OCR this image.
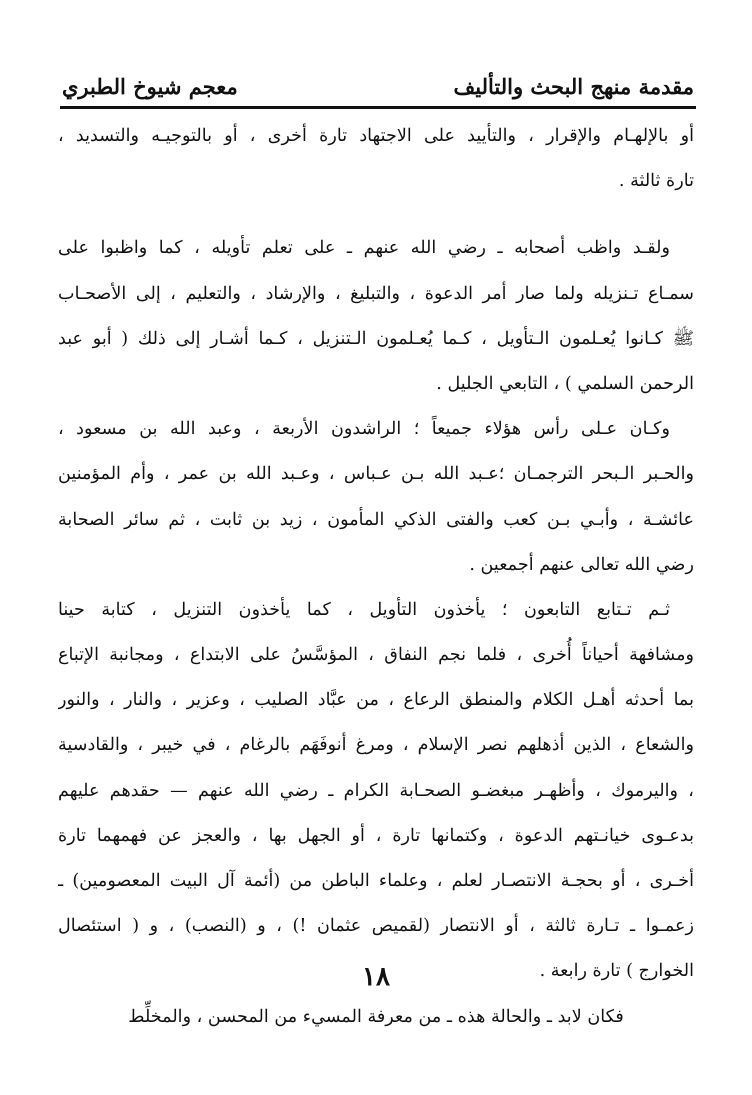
مقدمة منهج البحث والتأليف
معجم شيوخ الطبري
أو بالإلهـام والإقرار ، والتأييد على الاجتهاد تارة أخرى ، أو بالتوجيـه والتسديد ،
تارة ثالثة .
ولقـد واظب أصحابه ـ رضي الله عنهم ـ على تعلم تأويله ، كما واظبوا على
سمـاع تـنزيله ولما صار أمر الدعوة ، والتبليغ ، والإرشاد ، والتعليم ، إلى الأصحـاب
ﷺ كـانوا يُعـلمون الـتأويل ، كـما يُعـلمون الـتنزيل ، كـما أشـار إلى ذلك ( أبو عبد
الرحمن السلمي ) ، التابعي الجليل .
وكـان عـلى رأس هؤلاء جميعاً ؛ الراشدون الأربعة ، وعبد الله بن مسعود ،
والحـبر الـبحر الترجمـان ؛عـبد الله بـن عـباس ، وعـبد الله بن عمر ، وأم المؤمنين
عائشـة ، وأبـي بـن كعب والفتى الذكي المأمون ، زيد بن ثابت ، ثم سائر الصحابة
رضي الله تعالى عنهم أجمعين .
ثـم تـتابع التابعون ؛ يأخذون التأويل ، كما يأخذون التنزيل ، كتابة حينا
ومشافهة أحياناً أُخرى ، فلما نجم النفاق ، المؤسَّسُ على الابتداع ، ومجانبة الإتباع
بما أحدثه أهـل الكلام والمنطق الرعاع ، من عبَّاد الصليب ، وعزير ، والنار ، والنور
والشعاع ، الذين أذهلهم نصر الإسلام ، ومرغ أنوفَهَم بالرغام ، في خيبر ، والقادسية
، واليرموك ، وأظهـر مبغضـو الصحـابة الكرام ـ رضي الله عنهم — حقدهم عليهم
بدعـوى خيانـتهم الدعوة ، وكتمانها تارة ، أو الجهل بها ، والعجز عن فهمهما تارة
أخـرى ، أو بحجـة الانتصـار لعلم ، وعلماء الباطن من (أئمة آل البيت المعصومين) ـ
زعمـوا ـ تـارة ثالثة ، أو الانتصار (لقميص عثمان !) ، و (النصب) ، و ( استئصال
الخوارج ) تارة رابعة .
فكان لابد ـ والحالة هذه ـ من معرفة المسيء من المحسن ، والمخلِّط
١٨
